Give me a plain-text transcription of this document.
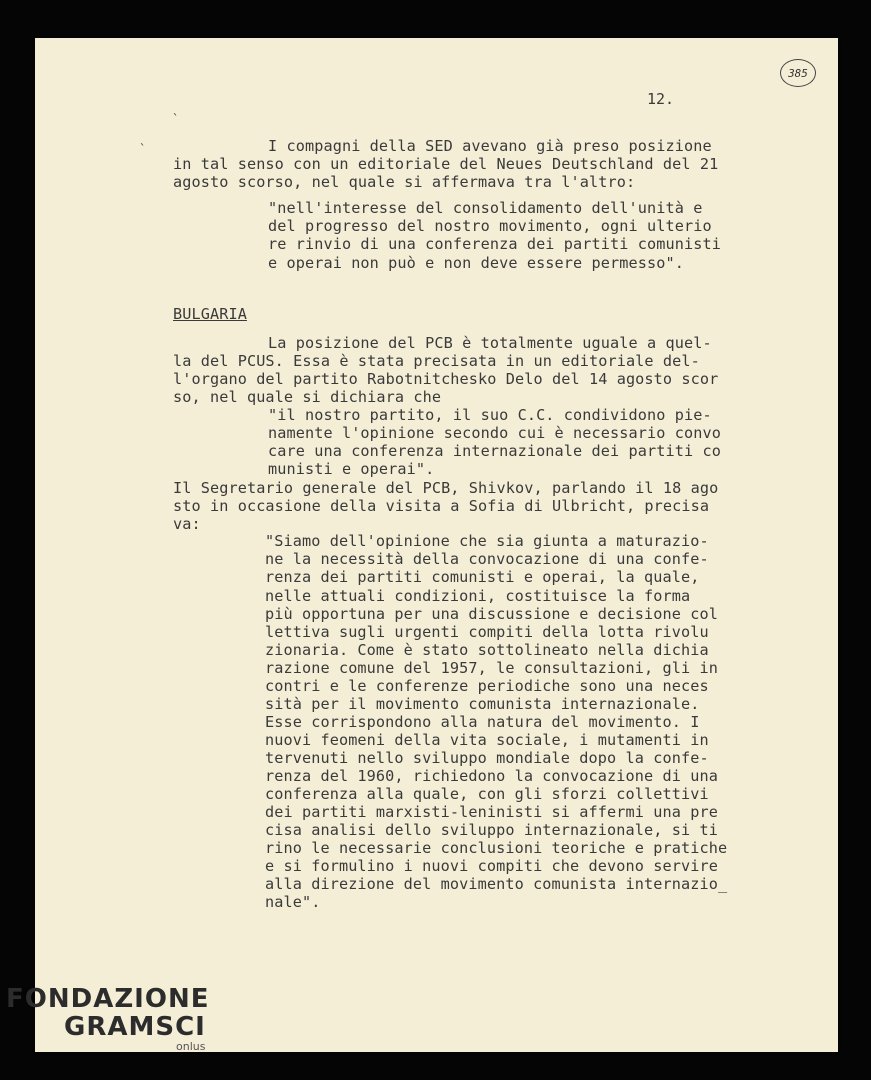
12.
385
`
`	I compagni della SED avevano già preso posizione
in tal senso con un editoriale del Neues Deutschland del 21
agosto scorso, nel quale si affermava tra l'altro:
"nell'interesse del consolidamento dell'unità e
del progresso del nostro movimento, ogni ulterio
re rinvio di una conferenza dei partiti comunisti
e operai non può e non deve essere permesso".
BULGARIA
La posizione del PCB è totalmente uguale a quel-
la del PCUS. Essa è stata precisata in un editoriale del-
l'organo del partito Rabotnitchesko Delo del 14 agosto scor
so, nel quale si dichiara che
"il nostro partito, il suo C.C. condividono pie-
namente l'opinione secondo cui è necessario convo
care una conferenza internazionale dei partiti co
munisti e operai".
Il Segretario generale del PCB, Shivkov, parlando il 18 ago
sto in occasione della visita a Sofia di Ulbricht, precisa
va:
"Siamo dell'opinione che sia giunta a maturazio-
ne la necessità della convocazione di una confe-
renza dei partiti comunisti e operai, la quale,
nelle attuali condizioni, costituisce la forma
più opportuna per una discussione e decisione col
lettiva sugli urgenti compiti della lotta rivolu
zionaria. Come è stato sottolineato nella dichia
razione comune del 1957, le consultazioni, gli in
contri e le conferenze periodiche sono una neces
sità per il movimento comunista internazionale.
Esse corrispondono alla natura del movimento. I
nuovi feomeni della vita sociale, i mutamenti in
tervenuti nello sviluppo mondiale dopo la confe-
renza del 1960, richiedono la convocazione di una
conferenza alla quale, con gli sforzi collettivi
dei partiti marxisti-leninisti si affermi una pre
cisa analisi dello sviluppo internazionale, si ti
rino le necessarie conclusioni teoriche e pratiche
e si formulino i nuovi compiti che devono servire
alla direzione del movimento comunista internazio_
nale".
FONDAZIONE
GRAMSCI
onlus
